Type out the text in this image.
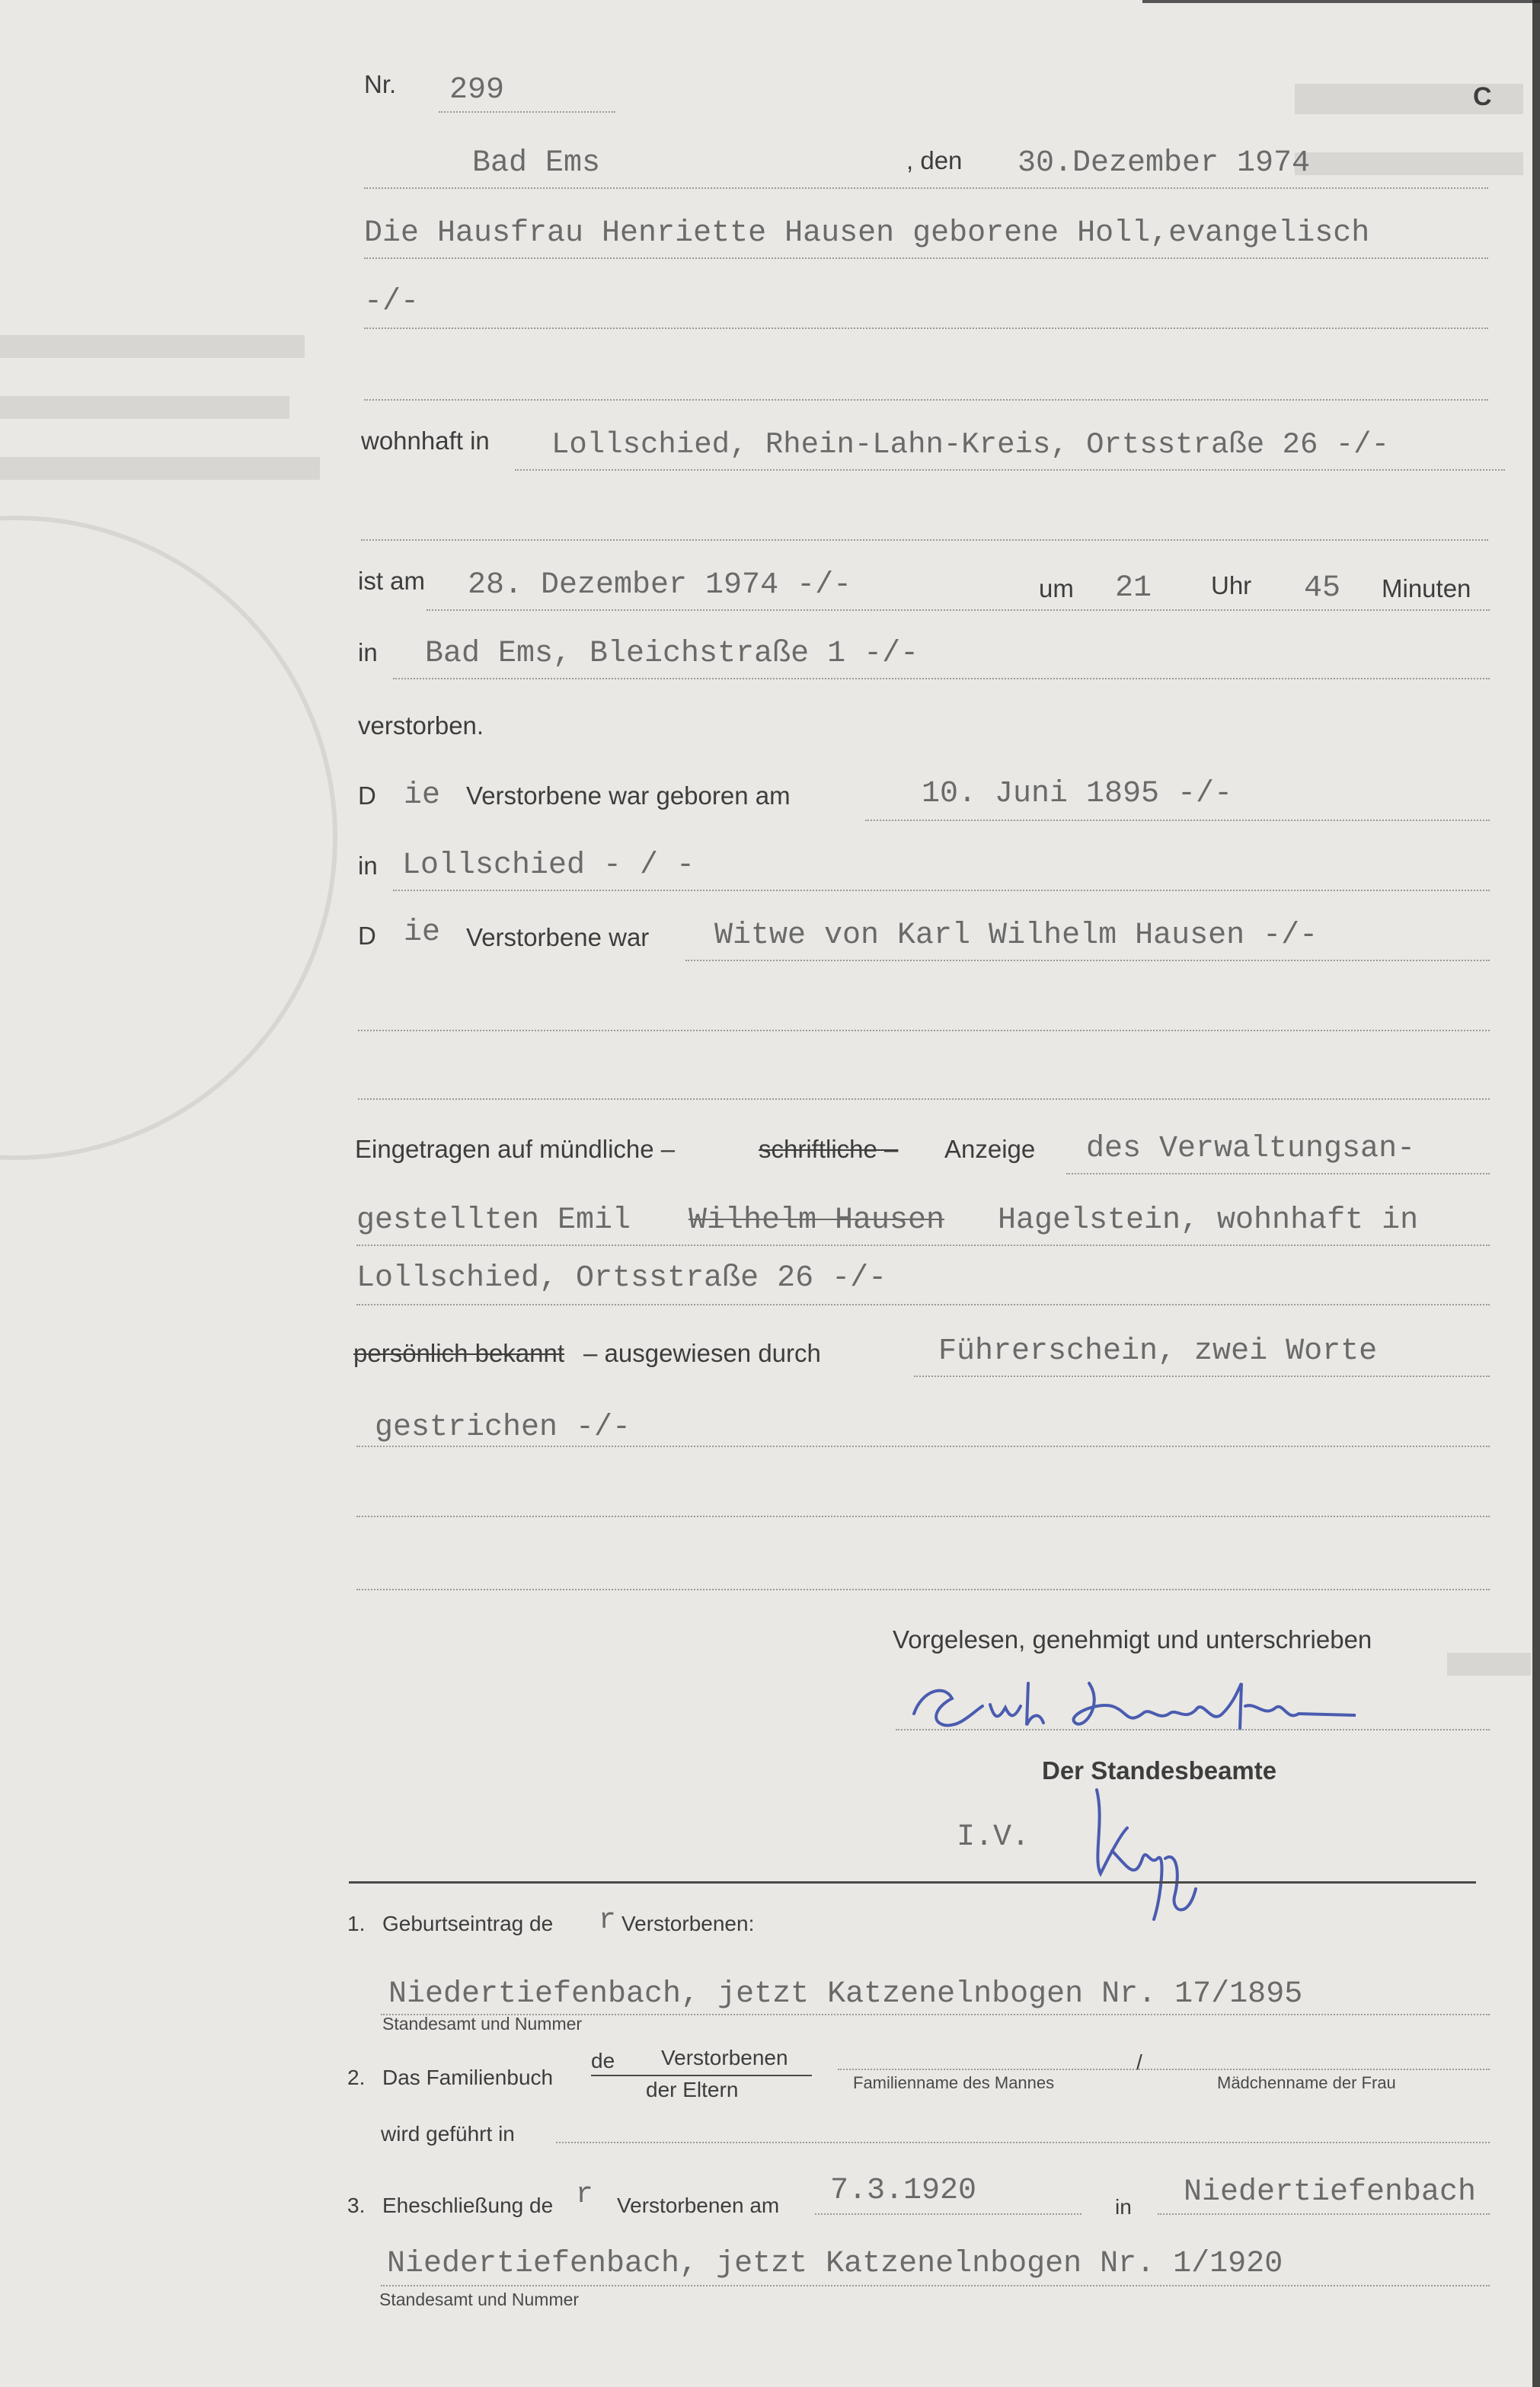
Nr. 299	C
Bad Ems	, den 30.Dezember 1974
Die Hausfrau Henriette Hausen geborene Holl,evangelisch
-/-
wohnhaft in Lollschied, Rhein-Lahn-Kreis, Ortsstraße 26 -/-
ist am 28. Dezember 1974 -/-	um 21 Uhr 45 Minuten
in Bad Ems, Bleichstraße 1 -/-
verstorben.
D ie Verstorbene war geboren am	10. Juni 1895 -/-
in Lollschied - / -
D ie Verstorbene war Witwe von Karl Wilhelm Hausen -/-
Eingetragen auf mündliche –	schriftliche – Anzeige des Verwaltungsan-
gestellten Emil Wilhelm Hausen Hagelstein, wohnhaft in
Lollschied, Ortsstraße 26 -/-
persönlich bekannt – ausgewiesen durch	Führerschein, zwei Worte
gestrichen -/-
Vorgelesen, genehmigt und unterschrieben
Emil Hagelstein
Der Standesbeamte
I.V.	Kopp
1. Geburtseintrag de r Verstorbenen:
Niedertiefenbach, jetzt Katzenelnbogen Nr. 17/1895
Standesamt und Nummer
2. Das Familienbuch
de Verstorbenen
der Eltern	Familienname des Mannes
/
Mädchenname der Frau
wird geführt in
3. Eheschließung de r Verstorbenen am 7.3.1920	in Niedertiefenbach
Niedertiefenbach, jetzt Katzenelnbogen Nr. 1/1920
Standesamt und Nummer
